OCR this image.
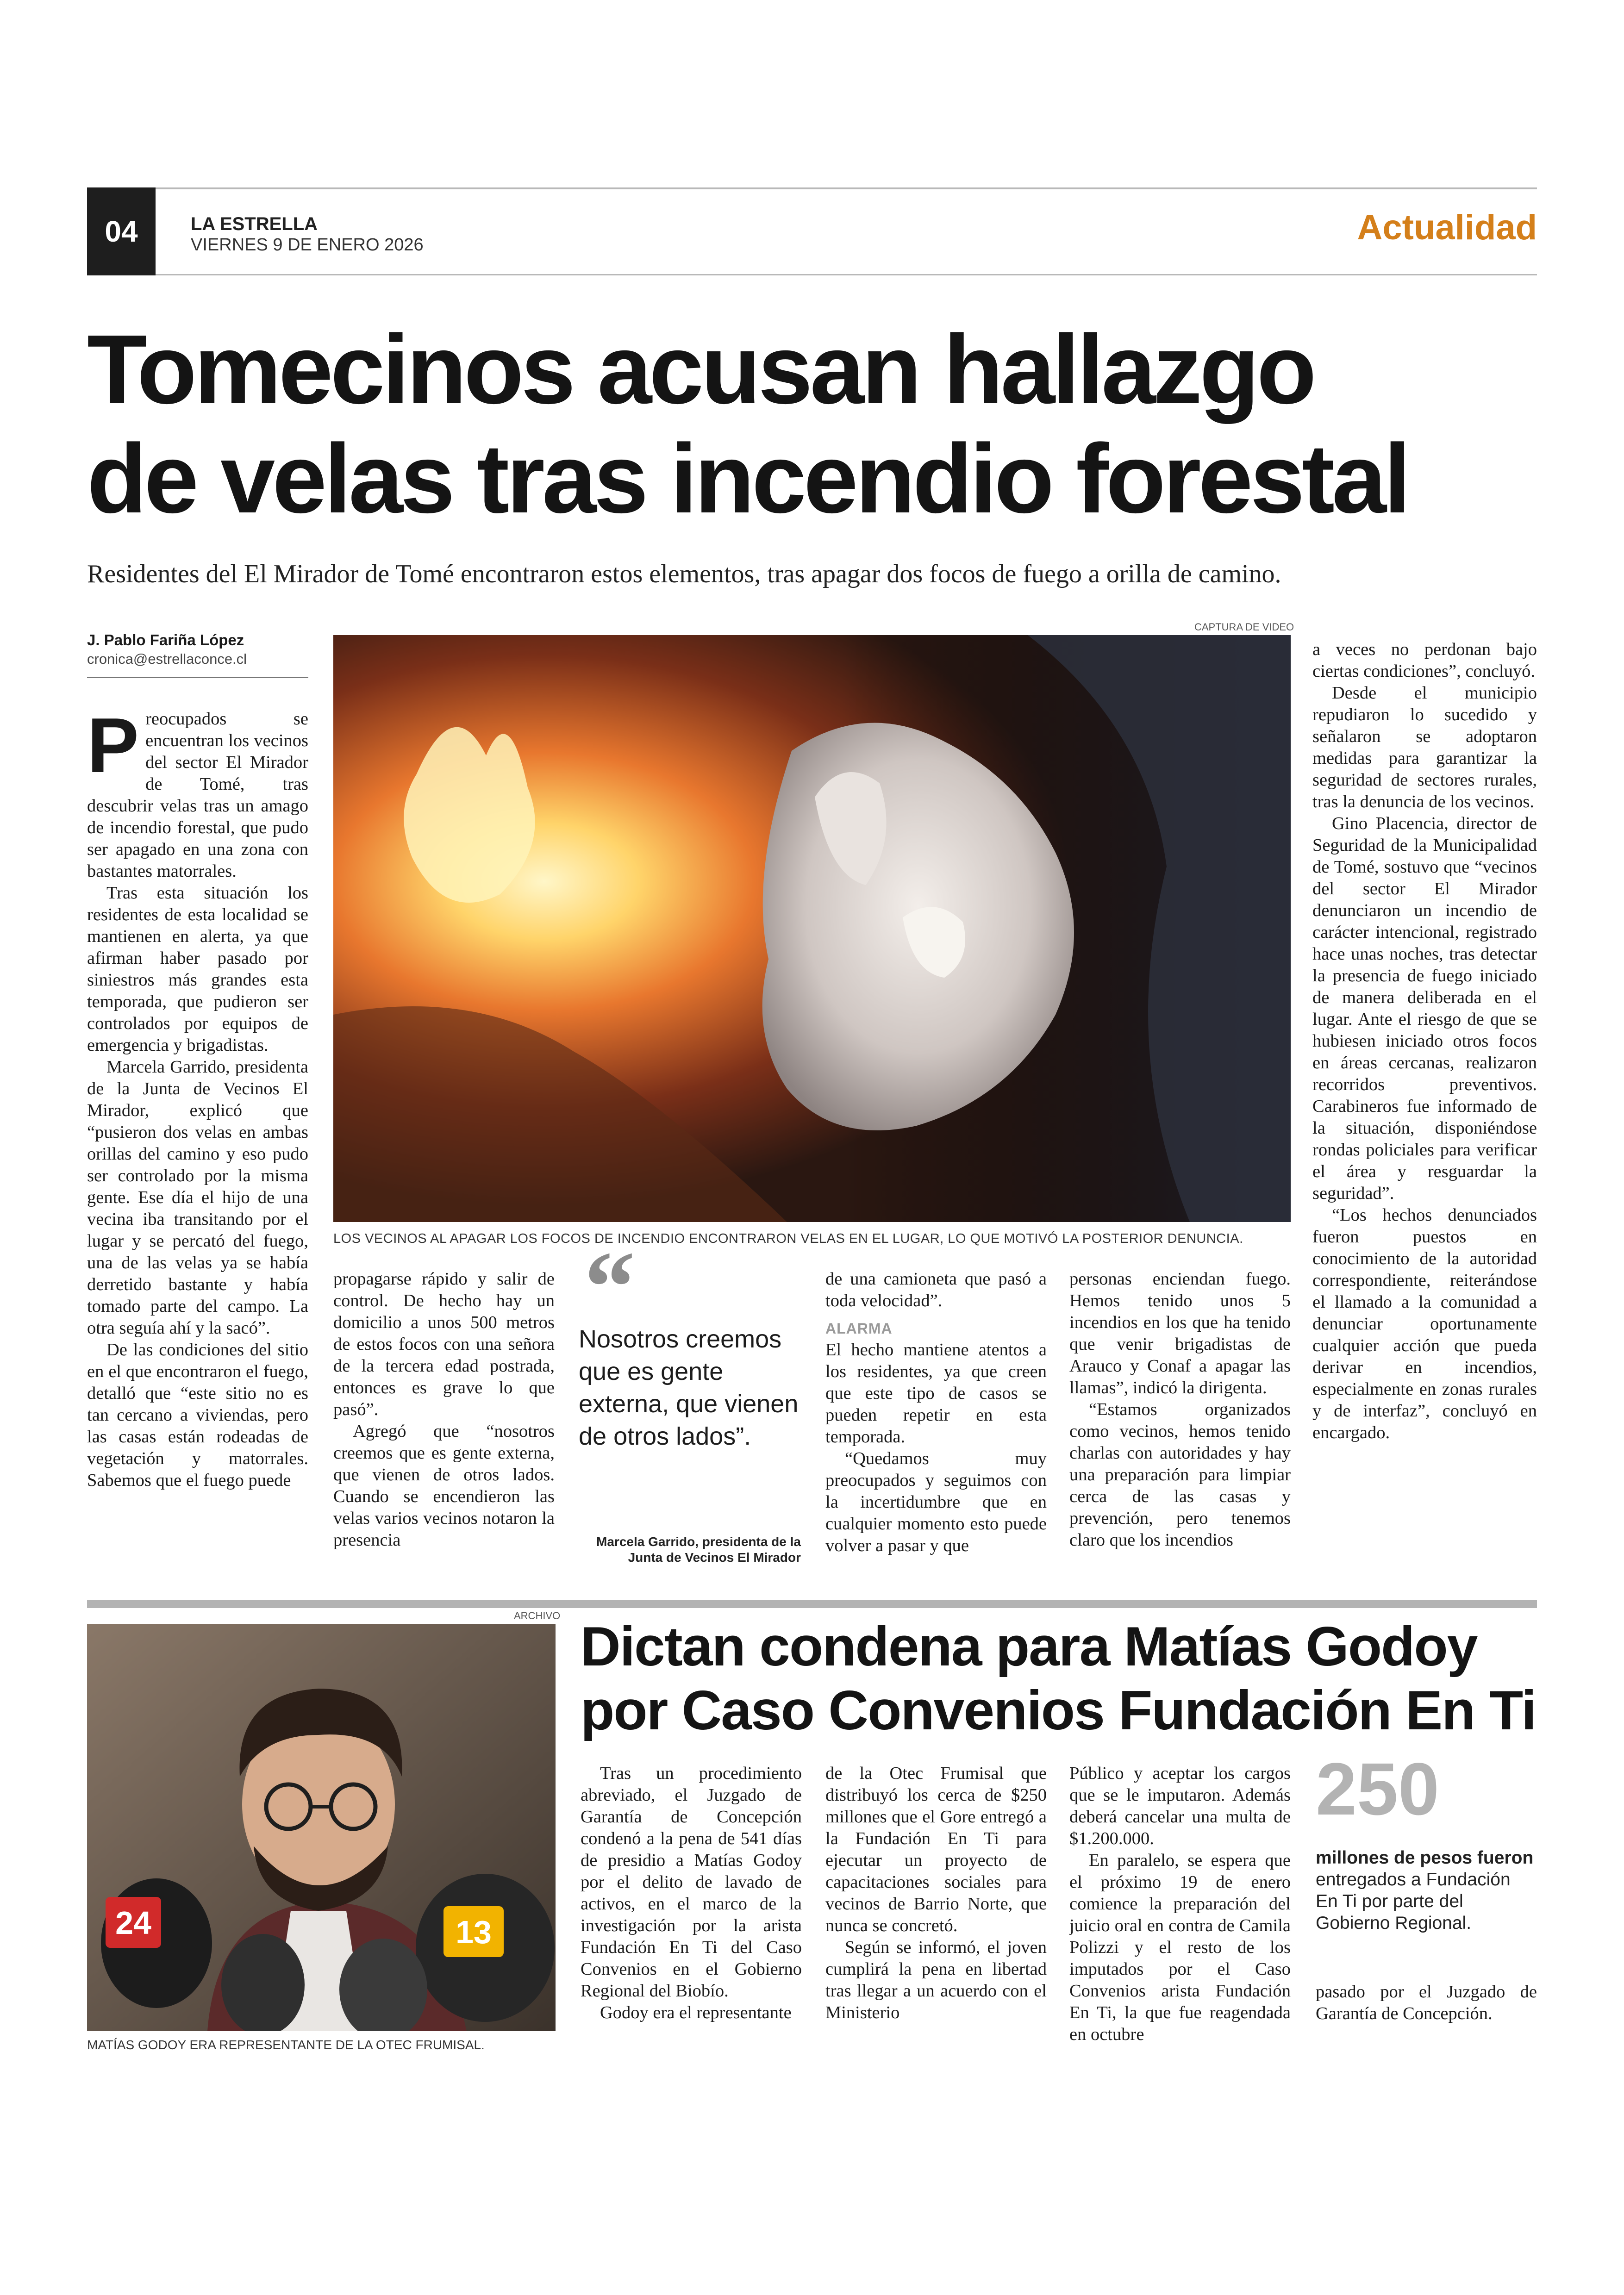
04	LA ESTRELLA
VIERNES 9 DE ENERO 2026	Actualidad
Tomecinos acusan hallazgo
de velas tras incendio forestal
Residentes del El Mirador de Tomé encontraron estos elementos, tras apagar dos focos de fuego a orilla de camino.
J. Pablo Fariña López
cronica@estrellaconce.cl

Preocupados se encuentran los vecinos del sector El Mirador de Tomé, tras descubrir velas tras un amago de incendio forestal, que pudo ser apagado en una zona con bastantes matorrales.

Tras esta situación los residentes de esta localidad se mantienen en alerta, ya que afirman haber pasado por siniestros más grandes esta temporada, que pudieron ser controlados por equipos de emergencia y brigadistas.

Marcela Garrido, presidenta de la Junta de Vecinos El Mirador, explicó que “pusieron dos velas en ambas orillas del camino y eso pudo ser controlado por la misma gente. Ese día el hijo de una vecina iba transitando por el lugar y se percató del fuego, una de las velas ya se había derretido bastante y había tomado parte del campo. La otra seguía ahí y la sacó”.

De las condiciones del sitio en el que encontraron el fuego, detalló que “este sitio no es tan cercano a viviendas, pero las casas están rodeadas de vegetación y matorrales. Sabemos que el fuego puede

CAPTURA DE VIDEO
LOS VECINOS AL APAGAR LOS FOCOS DE INCENDIO ENCONTRARON VELAS EN EL LUGAR, LO QUE MOTIVÓ LA POSTERIOR DENUNCIA.

propagarse rápido y salir de control. De hecho hay un domicilio a unos 500 metros de estos focos con una señora de la tercera edad postrada, entonces es grave lo que pasó”.

Agregó que “nosotros creemos que es gente externa, que vienen de otros lados. Cuando se encendieron las velas varios vecinos notaron la presencia

“
Nosotros creemos que es gente externa, que vienen de otros lados”.
Marcela Garrido, presidenta de la Junta de Vecinos El Mirador

de una camioneta que pasó a toda velocidad”.

ALARMA

El hecho mantiene atentos a los residentes, ya que creen que este tipo de casos se pueden repetir en esta temporada.

“Quedamos muy preocupados y seguimos con la incertidumbre que en cualquier momento esto puede volver a pasar y que

personas enciendan fuego. Hemos tenido unos 5 incendios en los que ha tenido que venir brigadistas de Arauco y Conaf a apagar las llamas”, indicó la dirigenta.

“Estamos organizados como vecinos, hemos tenido charlas con autoridades y hay una preparación para limpiar cerca de las casas y prevención, pero tenemos claro que los incendios

a veces no perdonan bajo ciertas condiciones”, concluyó.

Desde el municipio repudiaron lo sucedido y señalaron se adoptaron medidas para garantizar la seguridad de sectores rurales, tras la denuncia de los vecinos.

Gino Placencia, director de Seguridad de la Municipalidad de Tomé, sostuvo que “vecinos del sector El Mirador denunciaron un incendio de carácter intencional, registrado hace unas noches, tras detectar la presencia de fuego iniciado de manera deliberada en el lugar. Ante el riesgo de que se hubiesen iniciado otros focos en áreas cercanas, realizaron recorridos preventivos. Carabineros fue informado de la situación, disponiéndose rondas policiales para verificar el área y resguardar la seguridad”.

“Los hechos denunciados fueron puestos en conocimiento de la autoridad correspondiente, reiterándose el llamado a la comunidad a denunciar oportunamente cualquier acción que pueda derivar en incendios, especialmente en zonas rurales y de interfaz”, concluyó en encargado.

ARCHIVO
24	13
MATÍAS GODOY ERA REPRESENTANTE DE LA OTEC FRUMISAL.
Dictan condena para Matías Godoy
por Caso Convenios Fundación En Ti

Tras un procedimiento abreviado, el Juzgado de Garantía de Concepción condenó a la pena de 541 días de presidio a Matías Godoy por el delito de lavado de activos, en el marco de la investigación por la arista Fundación En Ti del Caso Convenios en el Gobierno Regional del Biobío.

Godoy era el representante

de la Otec Frumisal que distribuyó los cerca de $250 millones que el Gore entregó a la Fundación En Ti para ejecutar un proyecto de capacitaciones sociales para vecinos de Barrio Norte, que nunca se concretó.

Según se informó, el joven cumplirá la pena en libertad tras llegar a un acuerdo con el Ministerio

Público y aceptar los cargos que se le imputaron. Además deberá cancelar una multa de $1.200.000.

En paralelo, se espera que el próximo 19 de enero comience la preparación del juicio oral en contra de Camila Polizzi y el resto de los imputados por el Caso Convenios arista Fundación En Ti, la que fue reagendada en octubre

250
millones de pesos fueron entregados a Fundación En Ti por parte del Gobierno Regional.

pasado por el Juzgado de Garantía de Concepción.
